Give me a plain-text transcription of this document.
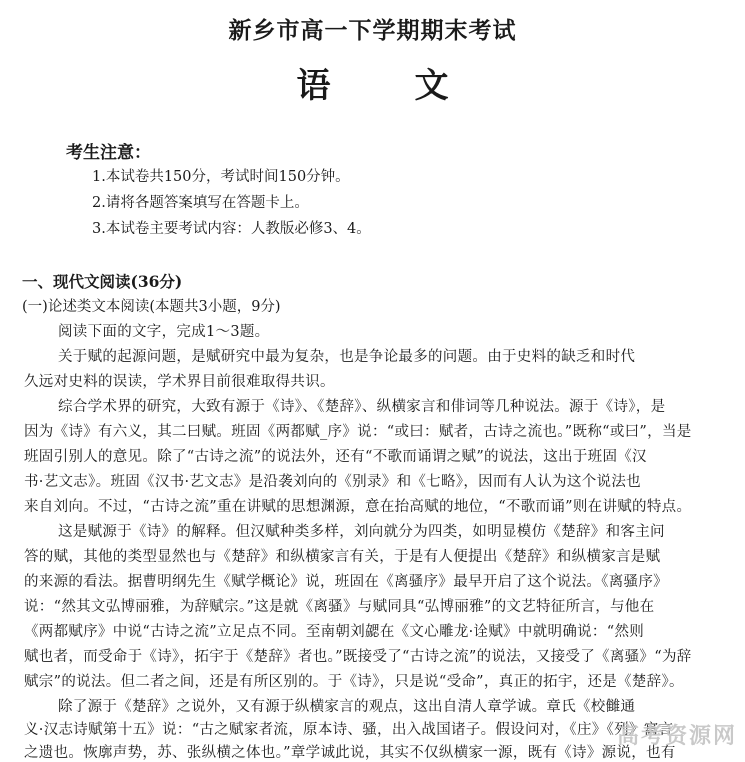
新乡市高一下学期期末考试
语文
考生注意：
1.本试卷共150分，考试时间150分钟。
2.请将各题答案填写在答题卡上。
3.本试卷主要考试内容：人教版必修3、4。
一、现代文阅读(36分)
(一)论述类文本阅读(本题共3小题，9分)
阅读下面的文字，完成1～3题。
关于赋的起源问题，是赋研究中最为复杂，也是争论最多的问题。由于史料的缺乏和时代
久远对史料的误读，学术界目前很难取得共识。
综合学术界的研究，大致有源于《诗》、《楚辞》、纵横家言和俳词等几种说法。源于《诗》，是
因为《诗》有六义，其二曰赋。班固《两都赋_序》说：“或曰：赋者，古诗之流也。”既称“或曰”，当是
班固引别人的意见。除了“古诗之流”的说法外，还有“不歌而诵谓之赋”的说法，这出于班固《汉
书·艺文志》。班固《汉书·艺文志》是沿袭刘向的《别录》和《七略》，因而有人认为这个说法也
来自刘向。不过，“古诗之流”重在讲赋的思想渊源，意在抬高赋的地位，“不歌而诵”则在讲赋的特点。
这是赋源于《诗》的解释。但汉赋种类多样，刘向就分为四类，如明显模仿《楚辞》和客主问
答的赋，其他的类型显然也与《楚辞》和纵横家言有关，于是有人便提出《楚辞》和纵横家言是赋
的来源的看法。据曹明纲先生《赋学概论》说，班固在《离骚序》最早开启了这个说法。《离骚序》
说：“然其文弘博丽雅，为辞赋宗。”这是就《离骚》与赋同具“弘博丽雅”的文艺特征所言，与他在
《两都赋序》中说“古诗之流”立足点不同。至南朝刘勰在《文心雕龙·诠赋》中就明确说：“然则
赋也者，而受命于《诗》，拓宇于《楚辞》者也。”既接受了“古诗之流”的说法，又接受了《离骚》“为辞
赋宗”的说法。但二者之间，还是有所区别的。于《诗》，只是说“受命”，真正的拓宇，还是《楚辞》。
除了源于《楚辞》之说外，又有源于纵横家言的观点，这出自清人章学诚。章氏《校雠通
义·汉志诗赋第十五》说：“古之赋家者流，原本诗、骚，出入战国诸子。假设问对，《庄》《列》寓言
之遗也。恢廓声势，苏、张纵横之体也。”章学诚此说，其实不仅纵横家一源，既有《诗》源说，也有
高考资源网
